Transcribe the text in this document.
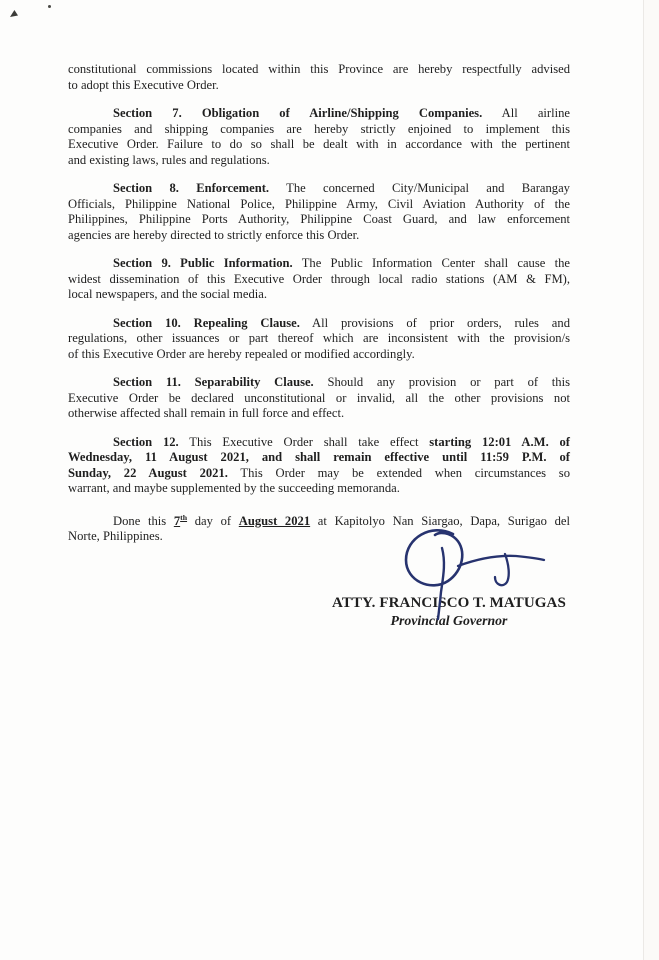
constitutional commissions located within this Province are hereby respectfully advised
to adopt this Executive Order.
Section 7. Obligation of Airline/Shipping Companies. All airline
companies and shipping companies are hereby strictly enjoined to implement this
Executive Order. Failure to do so shall be dealt with in accordance with the pertinent
and existing laws, rules and regulations.
Section 8. Enforcement. The concerned City/Municipal and Barangay
Officials, Philippine National Police, Philippine Army, Civil Aviation Authority of the
Philippines, Philippine Ports Authority, Philippine Coast Guard, and law enforcement
agencies are hereby directed to strictly enforce this Order.
Section 9. Public Information. The Public Information Center shall cause the
widest dissemination of this Executive Order through local radio stations (AM & FM),
local newspapers, and the social media.
Section 10. Repealing Clause. All provisions of prior orders, rules and
regulations, other issuances or part thereof which are inconsistent with the provision/s
of this Executive Order are hereby repealed or modified accordingly.
Section 11. Separability Clause. Should any provision or part of this
Executive Order be declared unconstitutional or invalid, all the other provisions not
otherwise affected shall remain in full force and effect.
Section 12. This Executive Order shall take effect starting 12:01 A.M. of
Wednesday, 11 August 2021, and shall remain effective until 11:59 P.M. of
Sunday, 22 August 2021. This Order may be extended when circumstances so
warrant, and maybe supplemented by the succeeding memoranda.
Done this 7th day of August 2021 at Kapitolyo Nan Siargao, Dapa, Surigao del
Norte, Philippines.
ATTY. FRANCISCO T. MATUGAS
Provincial Governor
